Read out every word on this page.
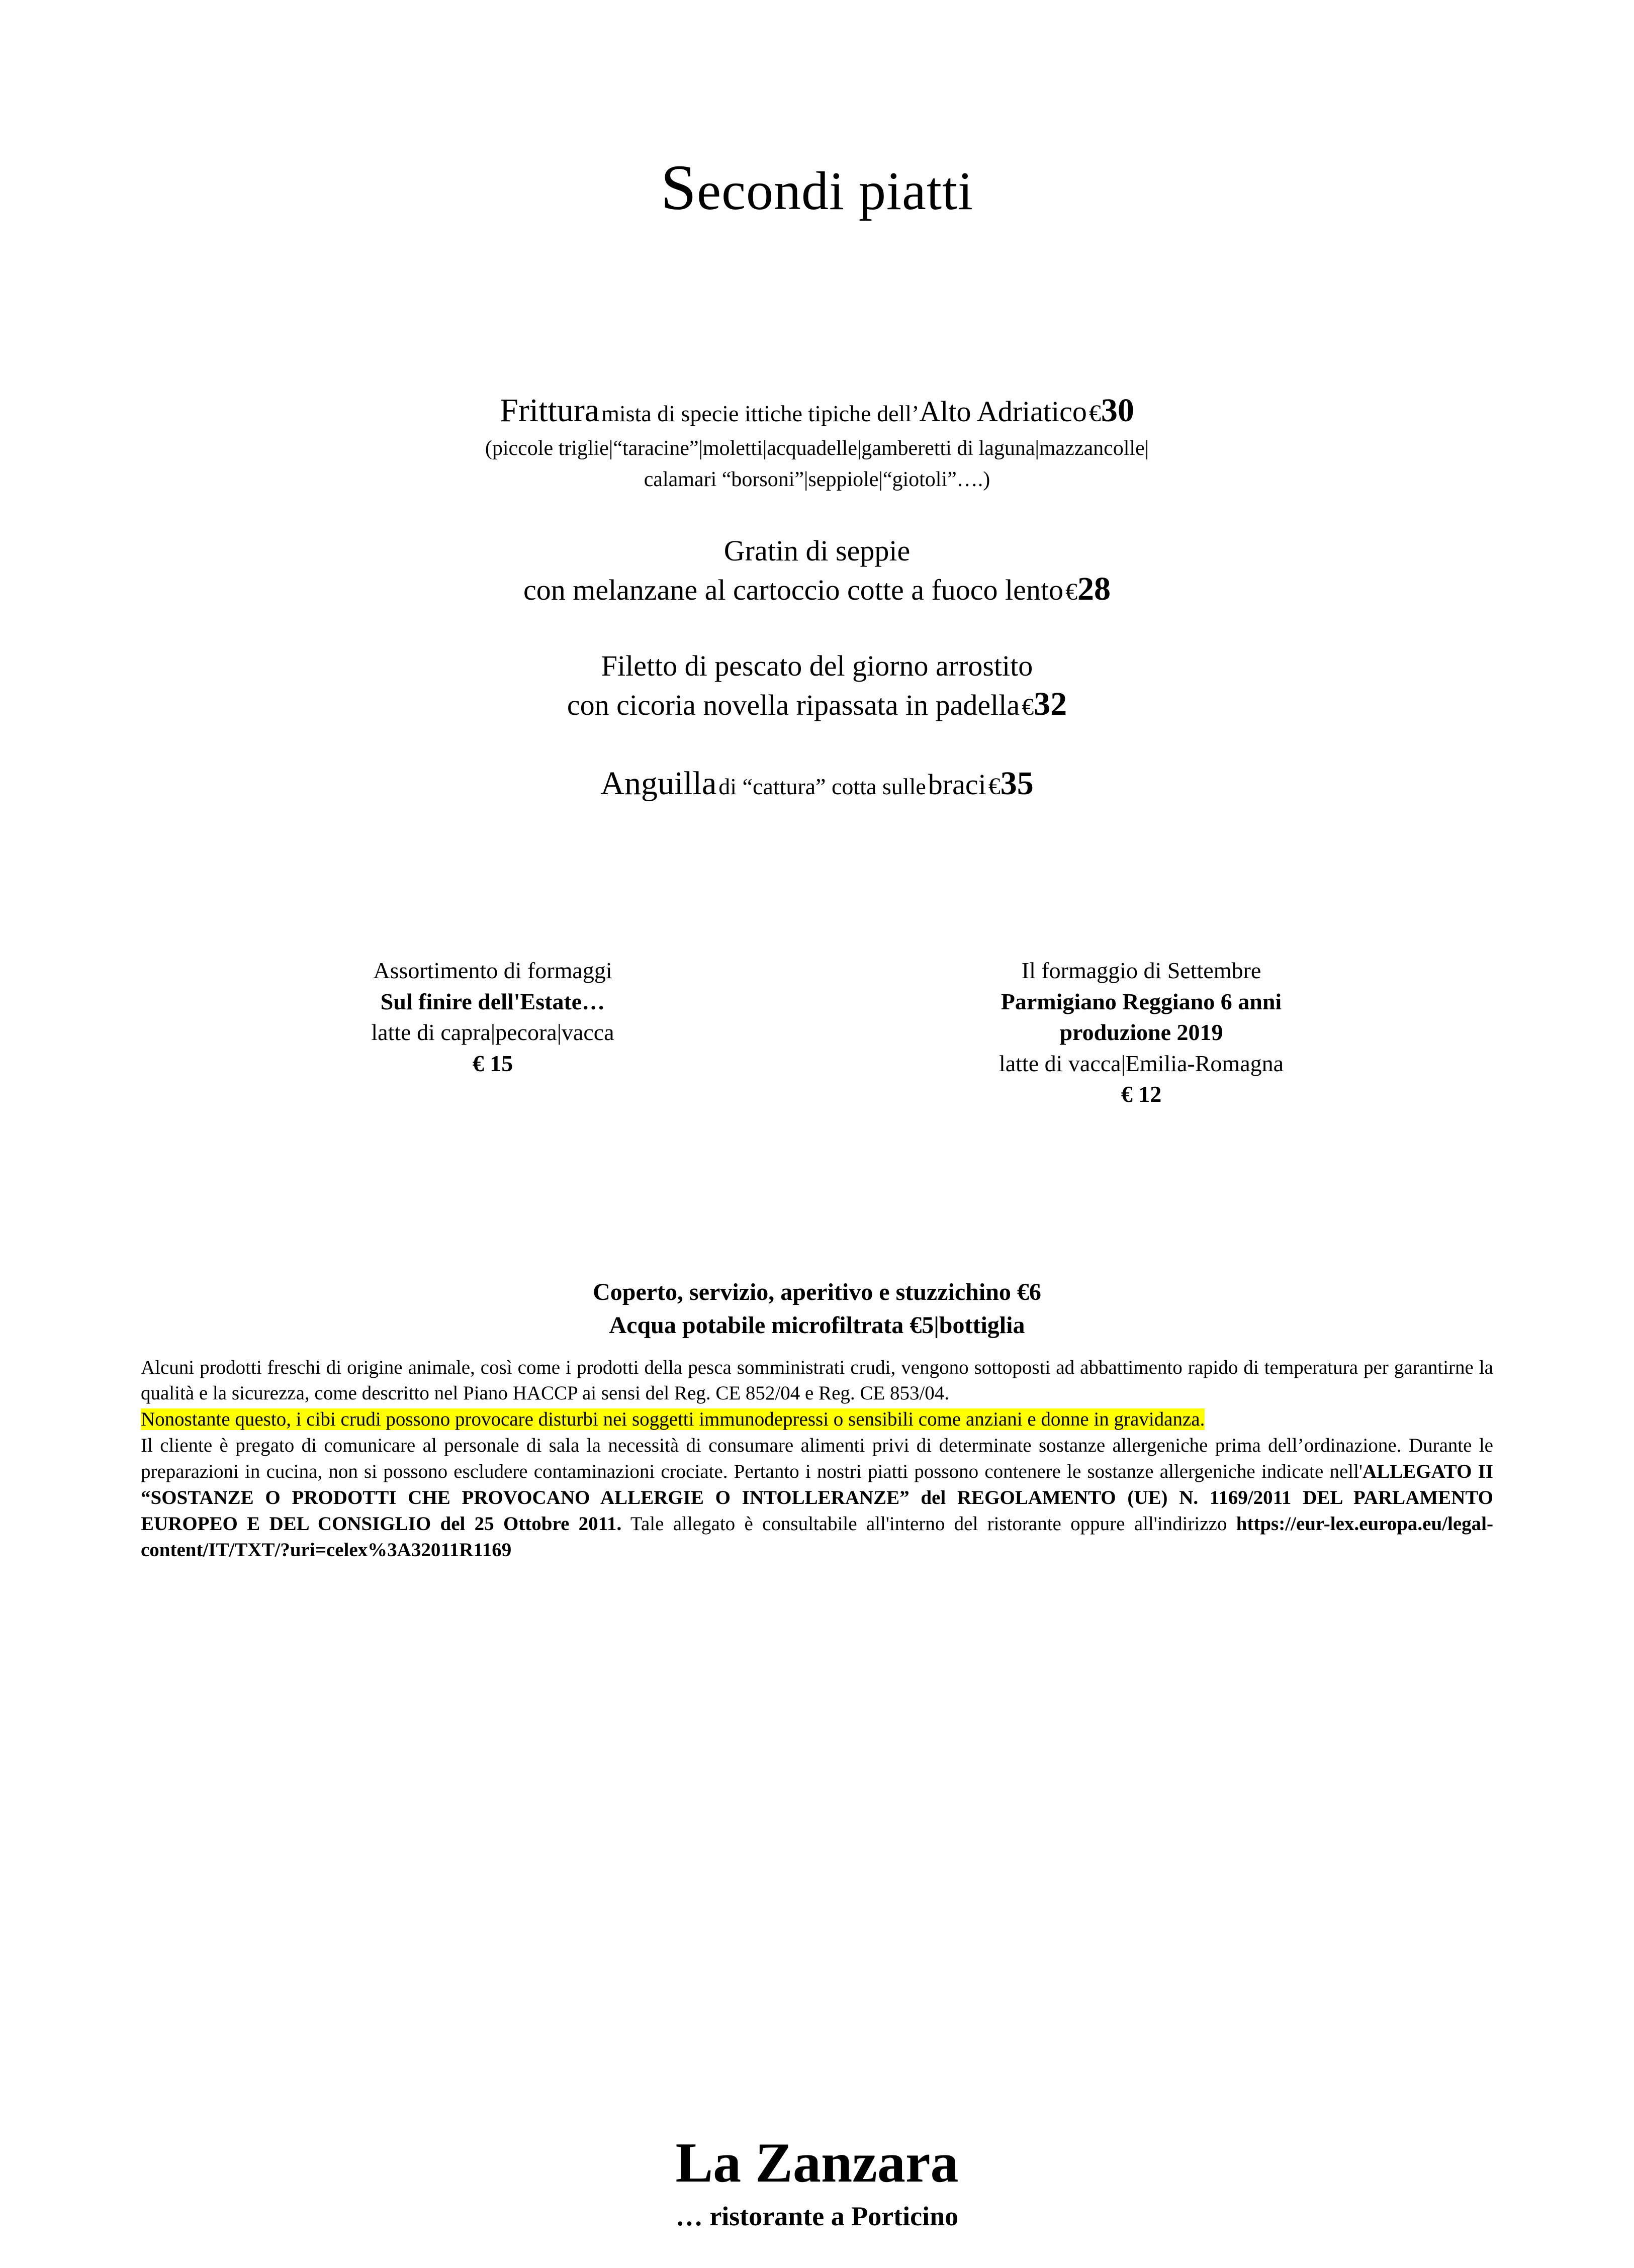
Secondi piatti
Frittura mista di specie ittiche tipiche dell’Alto Adriatico €30
(piccole triglie|“taracine”|moletti|acquadelle|gamberetti di laguna|mazzancolle|
calamari “borsoni”|seppiole|“giotoli”….)
Gratin di seppie
con melanzane al cartoccio cotte a fuoco lento €28
Filetto di pescato del giorno arrostito
con cicoria novella ripassata in padella €32
Anguilla di “cattura” cotta sulle braci €35
Assortimento di formaggi
Sul finire dell'Estate…
latte di capra|pecora|vacca
€ 15
Il formaggio di Settembre
Parmigiano Reggiano 6 anni
produzione 2019
latte di vacca|Emilia-Romagna
€ 12
Coperto, servizio, aperitivo e stuzzichino €6
Acqua potabile microfiltrata €5|bottiglia

Alcuni prodotti freschi di origine animale, così come i prodotti della pesca somministrati crudi, vengono sottoposti ad abbattimento rapido di temperatura per garantirne la qualità e la sicurezza, come descritto nel Piano HACCP ai sensi del Reg. CE 852/04 e Reg. CE 853/04.

Nonostante questo, i cibi crudi possono provocare disturbi nei soggetti immunodepressi o sensibili come anziani e donne in gravidanza.

Il cliente è pregato di comunicare al personale di sala la necessità di consumare alimenti privi di determinate sostanze allergeniche prima dell’ordinazione. Durante le preparazioni in cucina, non si possono escludere contaminazioni crociate. Pertanto i nostri piatti possono contenere le sostanze allergeniche indicate nell'ALLEGATO II “SOSTANZE O PRODOTTI CHE PROVOCANO ALLERGIE O INTOLLERANZE” del REGOLAMENTO (UE) N. 1169/2011 DEL PARLAMENTO EUROPEO E DEL CONSIGLIO del 25 Ottobre 2011. Tale allegato è consultabile all'interno del ristorante oppure all'indirizzo https://eur-lex.europa.eu/legal-content/IT/TXT/?uri=celex%3A32011R1169

La Zanzara
… ristorante a Porticino
